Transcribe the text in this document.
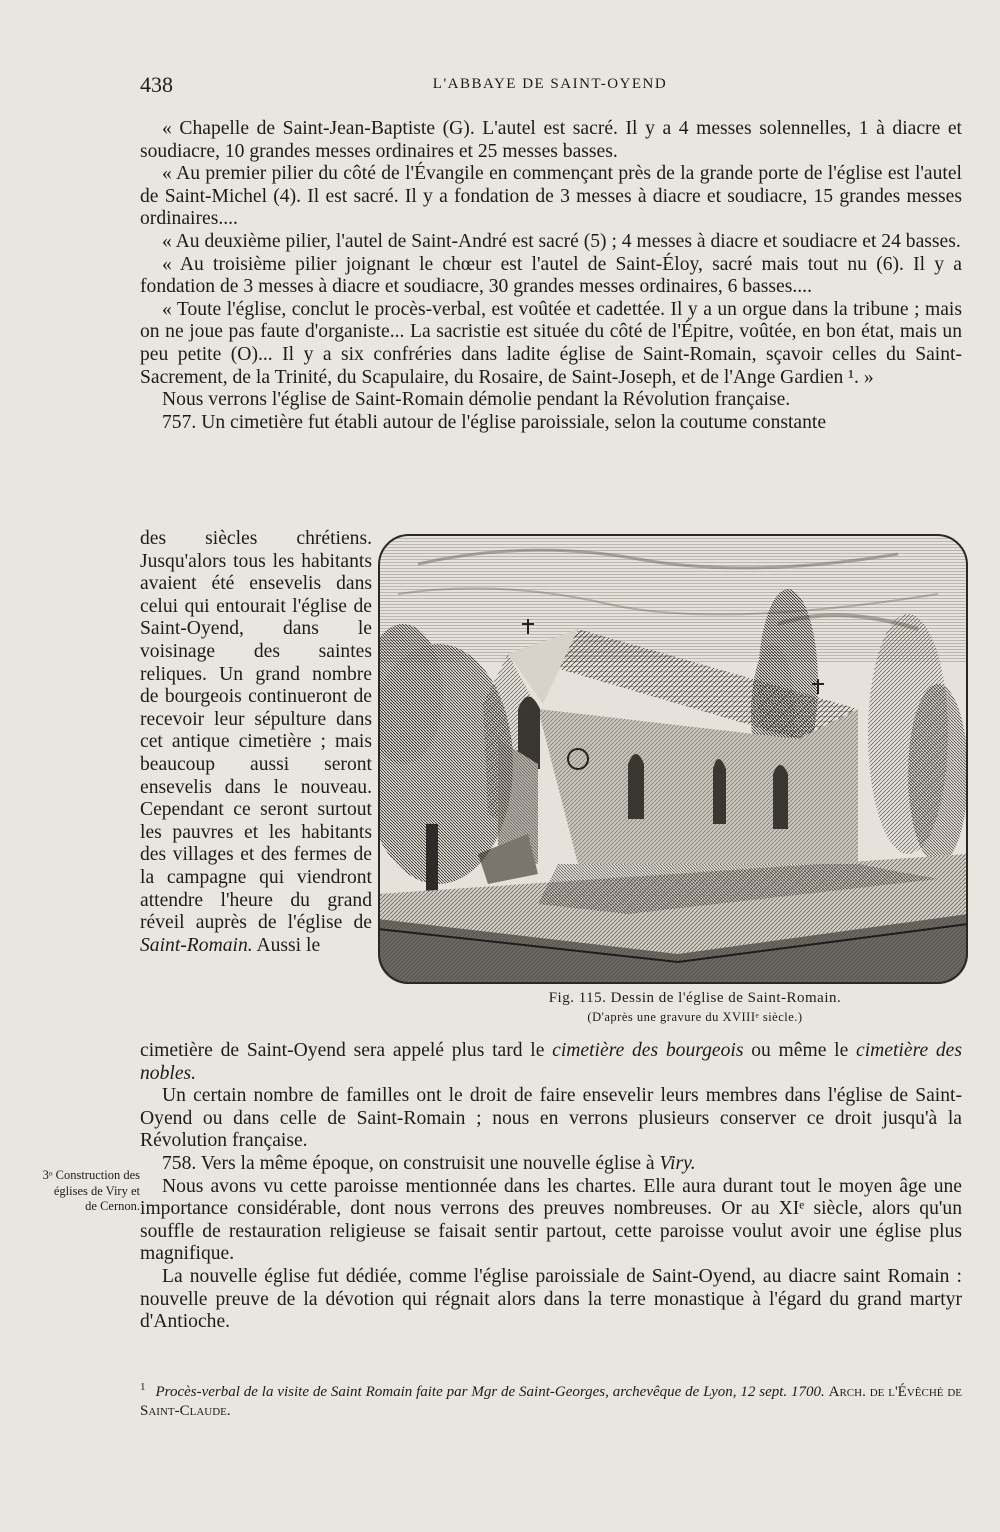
438	L'ABBAYE DE SAINT-OYEND

« Chapelle de Saint-Jean-Baptiste (G). L'autel est sacré. Il y a 4 messes solennelles, 1 à diacre et soudiacre, 10 grandes messes ordinaires et 25 messes basses.

« Au premier pilier du côté de l'Évangile en commençant près de la grande porte de l'église est l'autel de Saint-Michel (4). Il est sacré. Il y a fondation de 3 messes à diacre et soudiacre, 15 grandes messes ordinaires....

« Au deuxième pilier, l'autel de Saint-André est sacré (5) ; 4 messes à diacre et soudiacre et 24 basses.

« Au troisième pilier joignant le chœur est l'autel de Saint-Éloy, sacré mais tout nu (6). Il y a fondation de 3 messes à diacre et soudiacre, 30 grandes messes ordinaires, 6 basses....

« Toute l'église, conclut le procès-verbal, est voûtée et cadettée. Il y a un orgue dans la tribune ; mais on ne joue pas faute d'organiste... La sacristie est située du côté de l'Épitre, voûtée, en bon état, mais un peu petite (O)... Il y a six confréries dans ladite église de Saint-Romain, sçavoir celles du Saint-Sacrement, de la Trinité, du Scapulaire, du Rosaire, de Saint-Joseph, et de l'Ange Gardien ¹. »

Nous verrons l'église de Saint-Romain démolie pendant la Révolution française.

757. Un cimetière fut établi autour de l'église paroissiale, selon la coutume constante

des siècles chrétiens. Jusqu'alors tous les habitants avaient été ensevelis dans celui qui entourait l'église de Saint-Oyend, dans le voisinage des saintes reliques. Un grand nombre de bourgeois continueront de recevoir leur sépulture dans cet antique cimetière ; mais beaucoup aussi seront ensevelis dans le nouveau. Cependant ce seront surtout les pauvres et les habitants des villages et des fermes de la campagne qui viendront attendre l'heure du grand réveil auprès de l'église de Saint-Romain. Aussi le

Fig. 115. Dessin de l'église de Saint-Romain.
(D'après une gravure du XVIIIᵉ siècle.)

cimetière de Saint-Oyend sera appelé plus tard le cimetière des bourgeois ou même le cimetière des nobles.

Un certain nombre de familles ont le droit de faire ensevelir leurs membres dans l'église de Saint-Oyend ou dans celle de Saint-Romain ; nous en verrons plusieurs conserver ce droit jusqu'à la Révolution française.

758. Vers la même époque, on construisit une nouvelle église à Viry.

Nous avons vu cette paroisse mentionnée dans les chartes. Elle aura durant tout le moyen âge une importance considérable, dont nous verrons des preuves nombreuses. Or au XIᵉ siècle, alors qu'un souffle de restauration religieuse se faisait sentir partout, cette paroisse voulut avoir une église plus magnifique.

La nouvelle église fut dédiée, comme l'église paroissiale de Saint-Oyend, au diacre saint Romain : nouvelle preuve de la dévotion qui régnait alors dans la terre monastique à l'égard du grand martyr d'Antioche.

3ᵒ Construction des églises de Viry et de Cernon.
$^1$ Procès-verbal de la visite de Saint Romain faite par Mgr de Saint-Georges, archevêque de Lyon, 12 sept. 1700. Arch. de l'Évêché de Saint-Claude.
